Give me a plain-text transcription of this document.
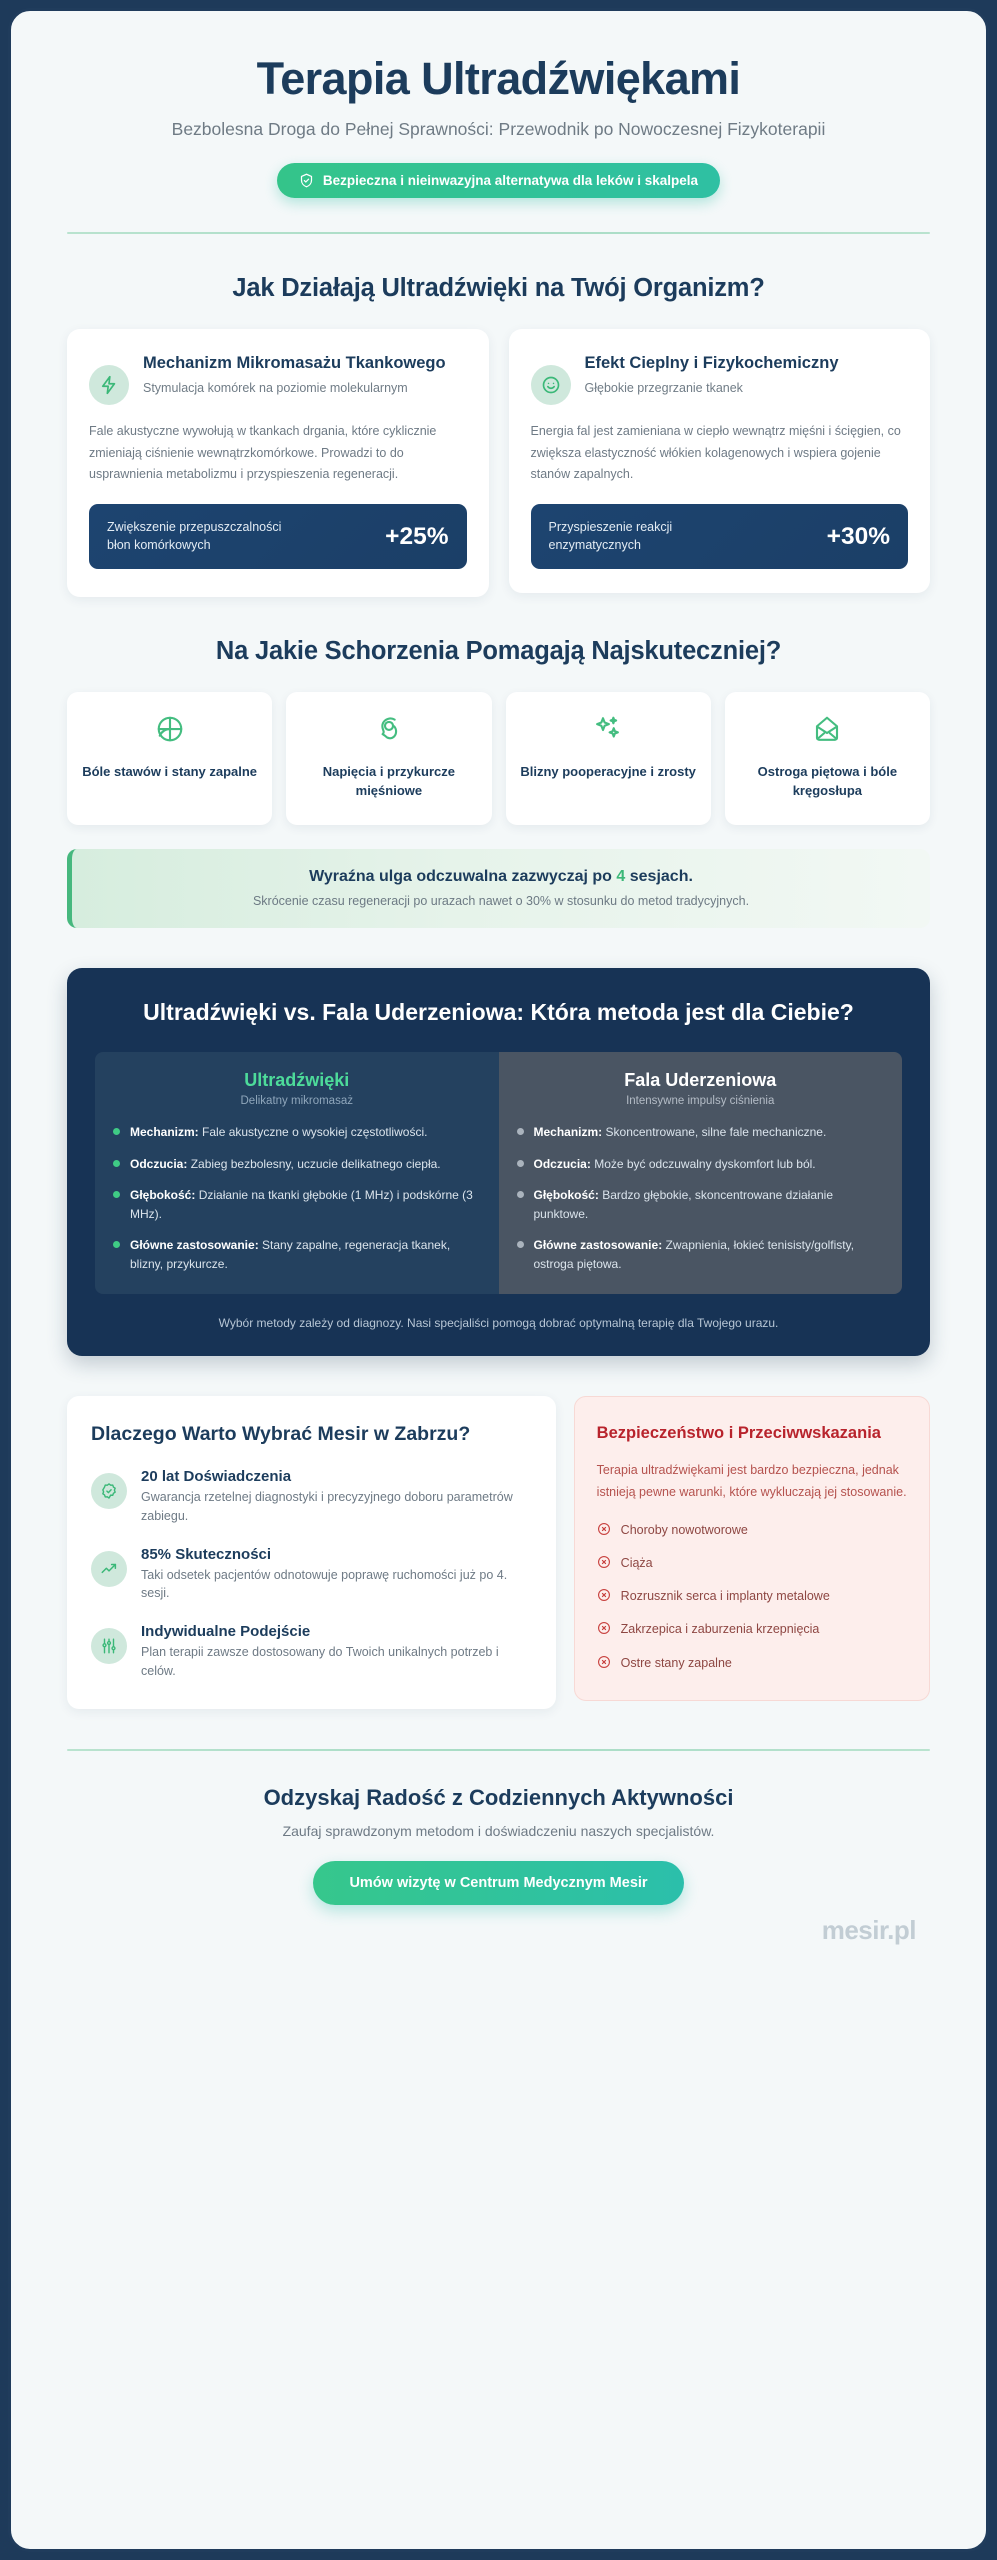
Terapia Ultradźwiękami
Bezbolesna Droga do Pełnej Sprawności: Przewodnik po Nowoczesnej Fizykoterapii
Bezpieczna i nieinwazyjna alternatywa dla leków i skalpela
Jak Działają Ultradźwięki na Twój Organizm?
Mechanizm Mikromasażu Tkankowego

Stymulacja komórek na poziomie molekularnym

Fale akustyczne wywołują w tkankach drgania, które cyklicznie zmieniają ciśnienie wewnątrzkomórkowe. Prowadzi to do usprawnienia metabolizmu i przyspieszenia regeneracji.
Zwiększenie przepuszczalności błon komórkowych	+25%
Efekt Cieplny i Fizykochemiczny

Głębokie przegrzanie tkanek

Energia fal jest zamieniana w ciepło wewnątrz mięśni i ścięgien, co zwiększa elastyczność włókien kolagenowych i wspiera gojenie stanów zapalnych.
Przyspieszenie reakcji enzymatycznych	+30%
Na Jakie Schorzenia Pomagają Najskuteczniej?
Bóle stawów i stany zapalne	Napięcia i przykurcze mięśniowe
Blizny pooperacyjne i zrosty	Ostroga piętowa i bóle kręgosłupa
Wyraźna ulga odczuwalna zazwyczaj po 4 sesjach.
Skrócenie czasu regeneracji po urazach nawet o 30% w stosunku do metod tradycyjnych.
Ultradźwięki vs. Fala Uderzeniowa: Która metoda jest dla Ciebie?
Ultradźwięki
Delikatny mikromasaż
Mechanizm: Fale akustyczne o wysokiej częstotliwości.
Odczucia: Zabieg bezbolesny, uczucie delikatnego ciepła.
Głębokość: Działanie na tkanki głębokie (1 MHz) i podskórne (3 MHz).
Główne zastosowanie: Stany zapalne, regeneracja tkanek, blizny, przykurcze.
Fala Uderzeniowa
Intensywne impulsy ciśnienia
Mechanizm: Skoncentrowane, silne fale mechaniczne.
Odczucia: Może być odczuwalny dyskomfort lub ból.
Głębokość: Bardzo głębokie, skoncentrowane działanie punktowe.
Główne zastosowanie: Zwapnienia, łokieć tenisisty/golfisty, ostroga piętowa.
Wybór metody zależy od diagnozy. Nasi specjaliści pomogą dobrać optymalną terapię dla Twojego urazu.
Dlaczego Warto Wybrać Mesir w Zabrzu?
20 lat Doświadczenia

Gwarancja rzetelnej diagnostyki i precyzyjnego doboru parametrów zabiegu.

85% Skuteczności

Taki odsetek pacjentów odnotowuje poprawę ruchomości już po 4. sesji.

Indywidualne Podejście

Plan terapii zawsze dostosowany do Twoich unikalnych potrzeb i celów.

Bezpieczeństwo i Przeciwwskazania
Terapia ultradźwiękami jest bardzo bezpieczna, jednak istnieją pewne warunki, które wykluczają jej stosowanie.
Choroby nowotworowe
Ciąża
Rozrusznik serca i implanty metalowe
Zakrzepica i zaburzenia krzepnięcia
Ostre stany zapalne
Odzyskaj Radość z Codziennych Aktywności

Zaufaj sprawdzonym metodom i doświadczeniu naszych specjalistów.

Umów wizytę w Centrum Medycznym Mesir
mesir.pl
